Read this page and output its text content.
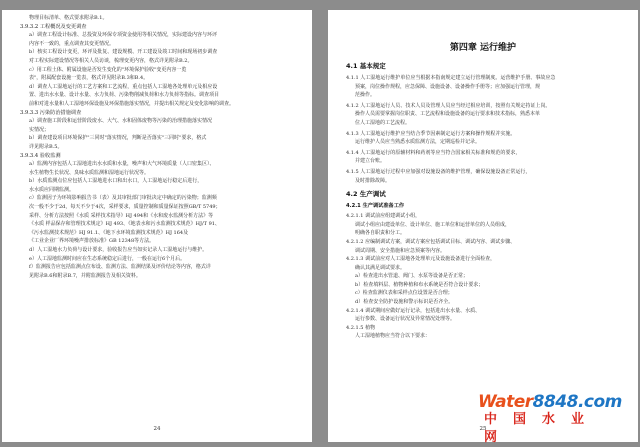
物理目标清单、格式要求附录B.1。
3.9.3.2 工程概况及变更调查
a）调查工程设计标准、总投资及环保专项资金使用等相关情况，实际建设内容与环评
内容不一致的，重点调查其变更情况。
b）核实工程设计变更，环评及批复、建设规模、开工建设及竣工时间和现场初步调查
对工程实际建设情况等相关人员访谈，梳理变更内容，格式详见附录B.2。
c）用工程土体、附属设施是否发生变化的"环境保护验收"变更内容一览
表"，附属配套设施一览表，格式详见附录B.3和B.4。
d）调查人工湿地运行的工艺方案和工艺流程，重点包括人工湿地各处理单元及相应设
置、进出水水量、设计水量、水力负荷、污染物削减负荷和水力负荷等指标。调查项目
前和对进水量和人工湿地环保设施及环保措施落实情况，并提出相关规定及变化影响的调查。
3.9.3.3 污染防治措施调查
a）调查施工阶段和运营阶段废水、大气、水和固体废物等污染的治理措施落实情况
实情况；
b）调查建设项目环境保护"三同时"落实情况，判断是否落实"三同时"要求，格式
详见附录B.5。
3.9.3.4 验收监测
a）监测内容包括人工湿地进出水水质和水量，噪声和大气环境质量（人口密集区）、
水生植物生长状况、臭味水质监测和湿地运行状况等。
b）水质监测点位应包括人工湿地进水口和出水口，人工湿地运行稳定后进行，
水水质应同期监测。
c）监测因子为环境影响报告书（表）及其审批部门审批决定中确定的污染物；监测频
次一般不少于2d，每天不少于4次，采样要求，质量控制和质量保证按照GB/T 5749；
采样、分析方法按照《水质 采样技术指导》HJ 494和《水和废水监测分析方法》等
《水质 样品保存和管理技术规定》HJ 493、《地表水和污水监测技术规范》HJ/T 91、
《污水监测技术规范》HJ 91.1、《地下水环境监测技术规范》HJ 164及
《工业企业厂界环境噪声排放标准》GB 12348等方法。
d）人工湿地水力负荷与设计要求，验收报告应当如实记录人工湿地运行与维护。
e）人工湿地监测时间应在生态系统稳定后进行，一般在运行6个月后。
f）监测报告应包括监测点位布设、监测方法、监测结果及评价结论等内容，格式详
见附录B.6和附录B.7，并附监测报告及相关资料。
24
第四章 运行维护
4.1 基本规定
4.1.1 人工湿地运行维护单位应当根据本指南规定建立运行管理制度。运营维护手册、事故应急
预案，岗位操作规程，应急保障、设施设备、设备操作手册等；应加强运行管理，规
范操作。
4.1.2 人工湿地运行人员、技术人员及管理人员应当经过相应培训，按照有关规定持证上岗。
操作人员需要掌握岗位职责、工艺流程和设施设备的运行要求和技术指标，熟悉本单
位人工湿地的工艺流程。
4.1.3 人工湿地运行维护应当结合季节因素制定运行方案和操作规程并实施。
运行维护人员应当熟悉水质监测方法，定期巡检并记录。
4.1.4 人工湿地运行的原辅材料和药剂等应当符合国家相关标准和规范的要求，
并建立台账。
4.1.5 人工湿地运行过程中应加强对设施设备的维护管理，确保设施设备正常运行，
及时排除故障。
4.2 生产调试
4.2.1 生产调试准备工作
4.2.1.1 调试前应组建调试小组，
调试小组应由建设单位、设计单位、施工单位和运营单位的人员组成，
明确各自职责和分工。
4.2.1.2 应编制调试方案，调试方案应包括调试目标、调试内容、调试步骤、
调试周期、安全措施和应急预案等内容。
4.2.1.3 调试前应对人工湿地各处理单元及设施设备进行全面检查，
确认其满足调试要求。
a）检查进出水管道、阀门、水泵等设备是否正常；
b）检查填料层、植物种植和布水系统是否符合设计要求；
c）检查监测仪表和采样点位设置是否合理；
d）检查安全防护设施和警示标识是否齐全。
4.2.1.4 调试期间应做好运行记录，包括进出水水量、水质、
运行参数、设备运行状况及异常情况处理等。
4.2.1.5 植物
人工湿地植物应当符合以下要求：
25
Water8848.com
中国水业网
